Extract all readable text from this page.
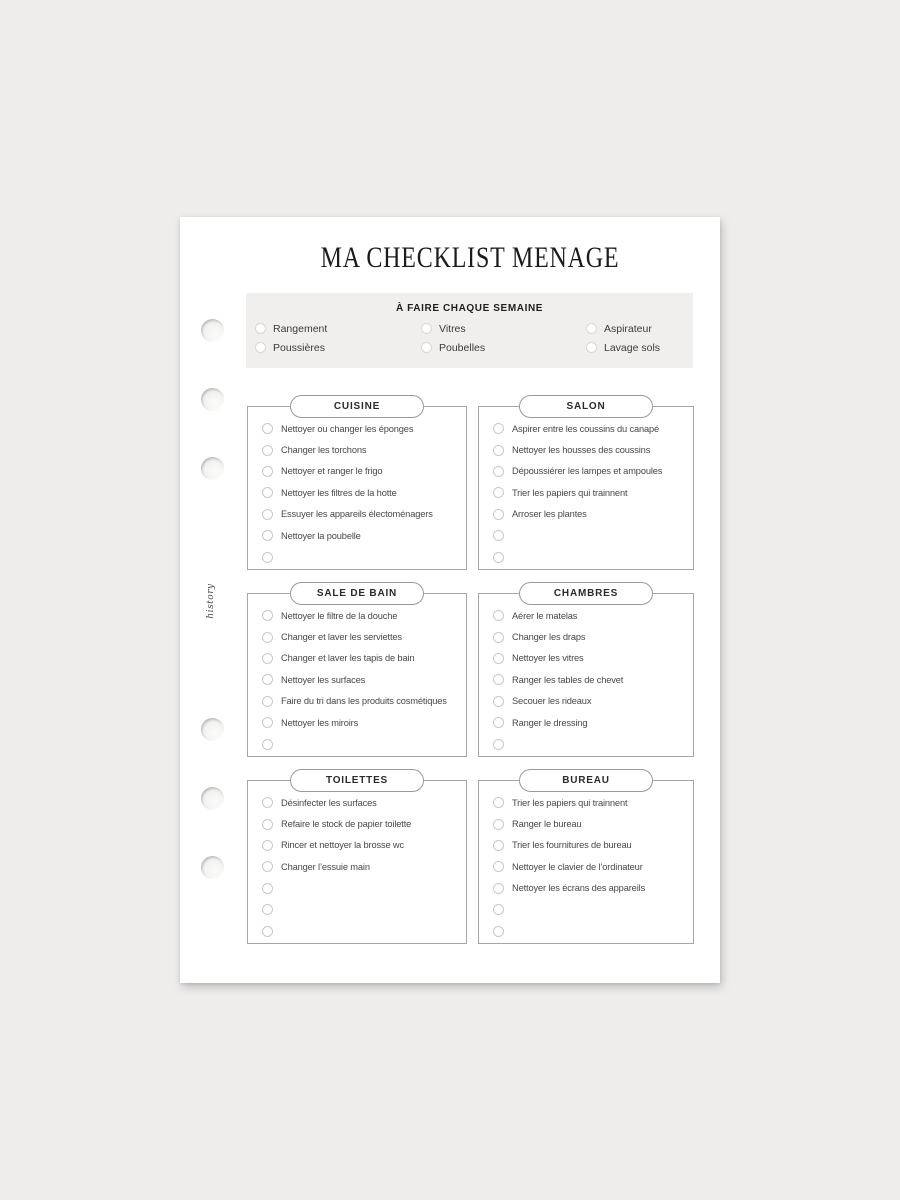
history
MA CHECKLIST MENAGE
À FAIRE CHAQUE SEMAINE
Rangement	Vitres	Aspirateur
Poussières	Poubelles	Lavage sols
CUISINE
Nettoyer ou changer les éponges
Changer les torchons
Nettoyer et ranger le frigo
Nettoyer les filtres de la hotte
Essuyer les appareils électoménagers
Nettoyer la poubelle
SALON
Aspirer entre les coussins du canapé
Nettoyer les housses des coussins
Dépoussiérer les lampes et ampoules
Trier les papiers qui trainnent
Arroser les plantes
SALE DE BAIN
Nettoyer le filtre de la douche
Changer et laver les serviettes
Changer et laver les tapis de bain
Nettoyer les surfaces
Faire du tri dans les produits cosmétiques
Nettoyer les miroirs
CHAMBRES
Aérer le matelas
Changer les draps
Nettoyer les vitres
Ranger les tables de chevet
Secouer les rideaux
Ranger le dressing
TOILETTES
Désinfecter les surfaces
Refaire le stock de papier toilette
Rincer et nettoyer la brosse wc
Changer l’essuie main
BUREAU
Trier les papiers qui trainnent
Ranger le bureau
Trier les fournitures de bureau
Nettoyer le clavier de l’ordinateur
Nettoyer les écrans des appareils
